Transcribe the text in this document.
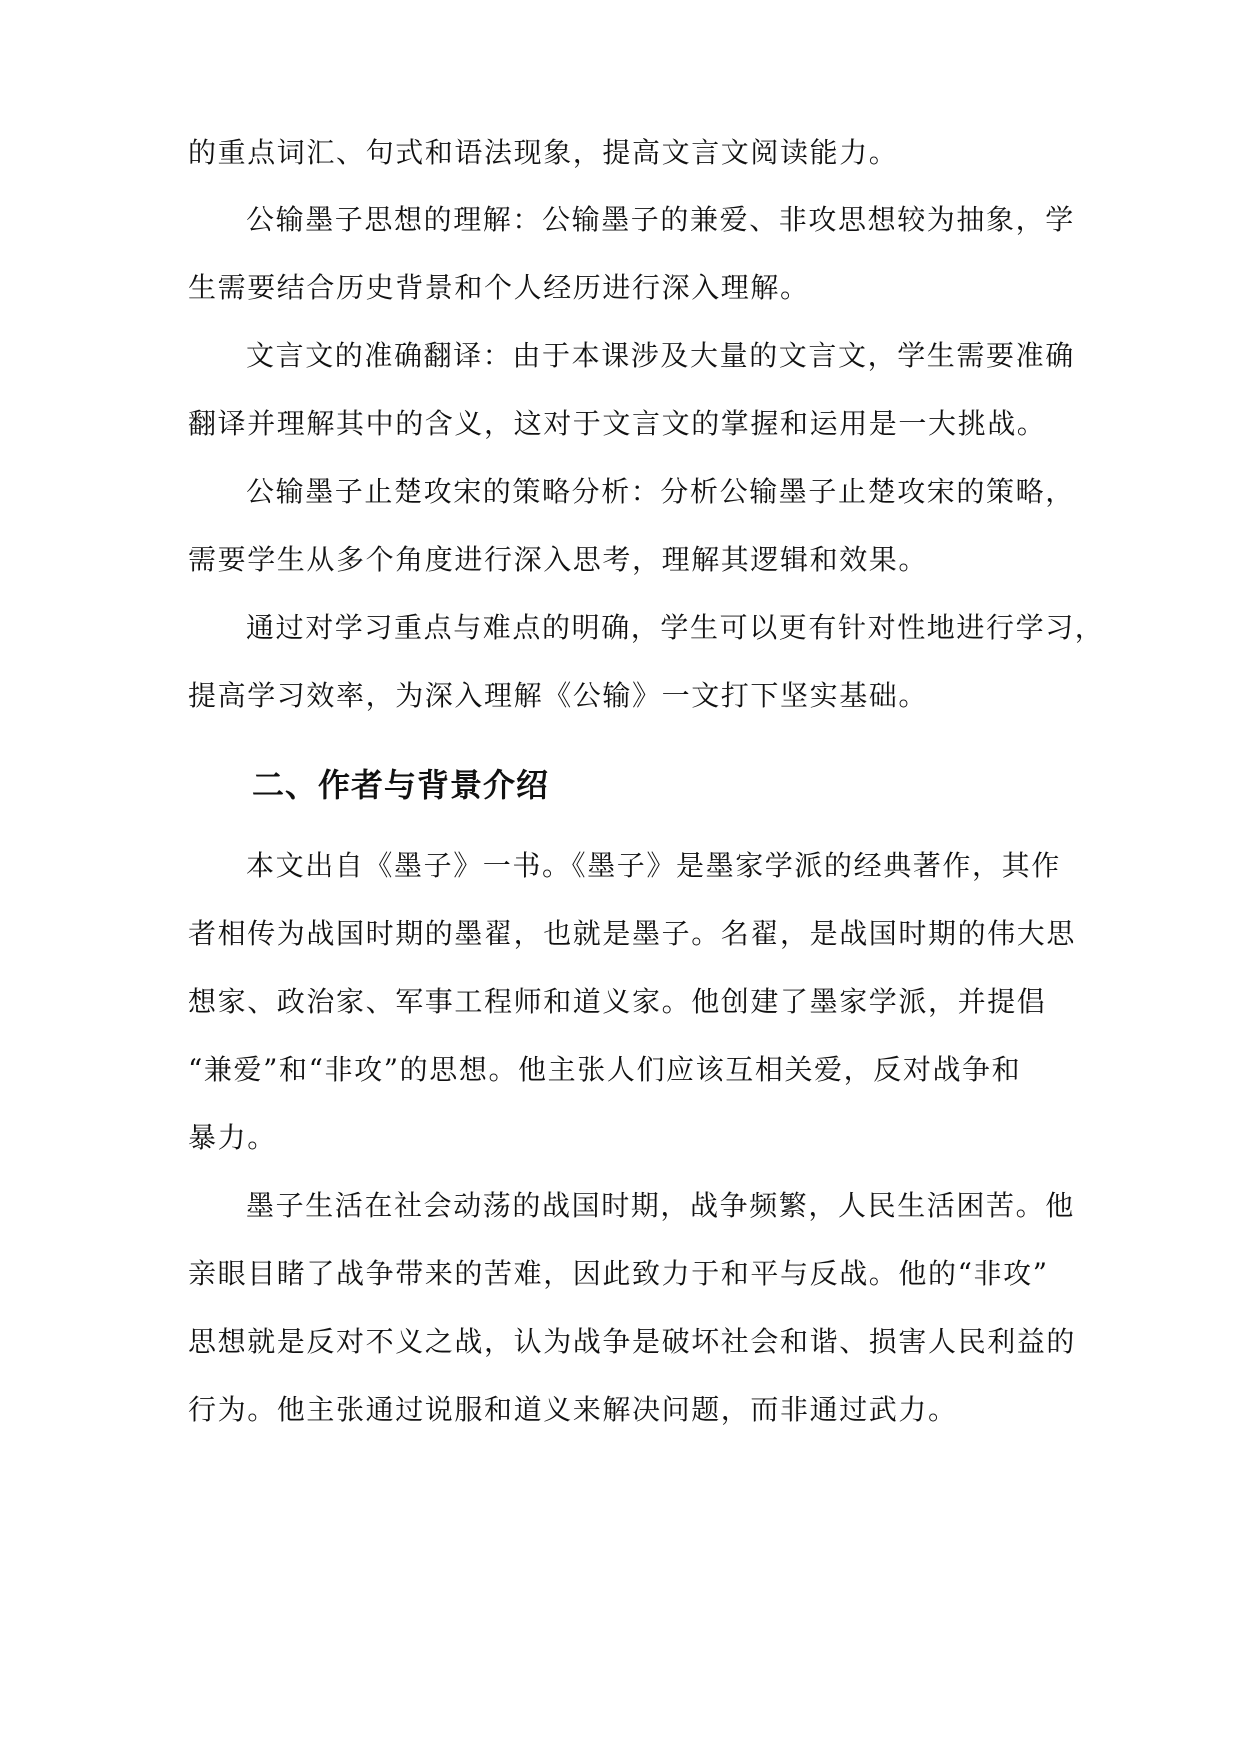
的重点词汇、句式和语法现象，提高文言文阅读能力。
公输墨子思想的理解：公输墨子的兼爱、非攻思想较为抽象，学
生需要结合历史背景和个人经历进行深入理解。
文言文的准确翻译：由于本课涉及大量的文言文，学生需要准确
翻译并理解其中的含义，这对于文言文的掌握和运用是一大挑战。
公输墨子止楚攻宋的策略分析：分析公输墨子止楚攻宋的策略，
需要学生从多个角度进行深入思考，理解其逻辑和效果。
通过对学习重点与难点的明确，学生可以更有针对性地进行学习，
提高学习效率，为深入理解《公输》一文打下坚实基础。
二、作者与背景介绍
本文出自《墨子》一书。《墨子》是墨家学派的经典著作，其作
者相传为战国时期的墨翟，也就是墨子。名翟，是战国时期的伟大思
想家、政治家、军事工程师和道义家。他创建了墨家学派，并提倡
“兼爱”和“非攻”的思想。他主张人们应该互相关爱，反对战争和
暴力。
墨子生活在社会动荡的战国时期，战争频繁，人民生活困苦。他
亲眼目睹了战争带来的苦难，因此致力于和平与反战。他的“非攻”
思想就是反对不义之战，认为战争是破坏社会和谐、损害人民利益的
行为。他主张通过说服和道义来解决问题，而非通过武力。
